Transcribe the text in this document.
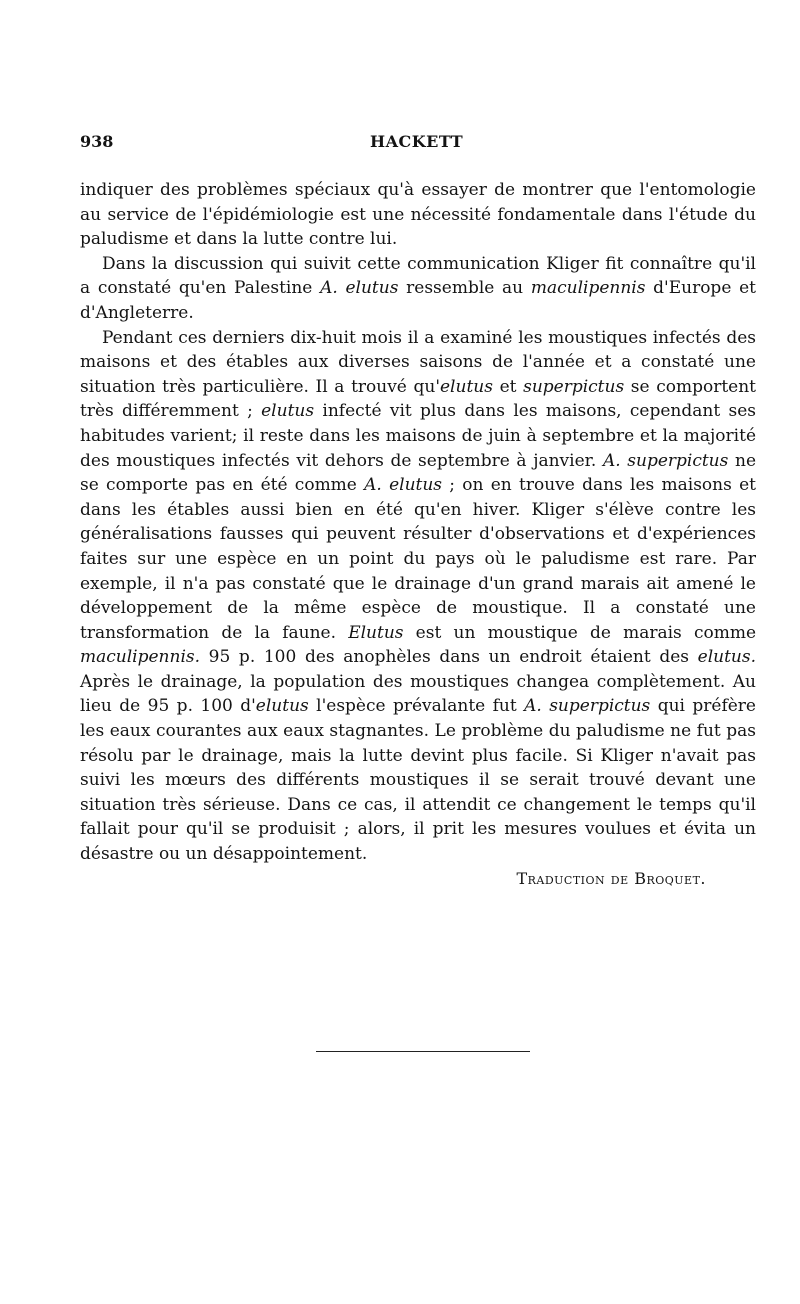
938	HACKETT

indiquer des problèmes spéciaux qu'à essayer de montrer que l'entomologie au service de l'épidémiologie est une nécessité fondamentale dans l'étude du paludisme et dans la lutte contre lui.

Dans la discussion qui suivit cette communication Kliger fit connaître qu'il a constaté qu'en Palestine A. elutus ressemble au maculipennis d'Europe et d'Angleterre.

Pendant ces derniers dix-huit mois il a examiné les moustiques infectés des maisons et des étables aux diverses saisons de l'année et a constaté une situation très particulière. Il a trouvé qu'elutus et superpictus se comportent très différemment ; elutus infecté vit plus dans les maisons, cependant ses habitudes varient; il reste dans les maisons de juin à septembre et la majorité des moustiques infectés vit dehors de septembre à janvier. A. superpictus ne se comporte pas en été comme A. elutus ; on en trouve dans les maisons et dans les étables aussi bien en été qu'en hiver. Kliger s'élève contre les généralisations fausses qui peuvent résulter d'observations et d'expériences faites sur une espèce en un point du pays où le paludisme est rare. Par exemple, il n'a pas constaté que le drainage d'un grand marais ait amené le développement de la même espèce de moustique. Il a constaté une transformation de la faune. Elutus est un moustique de marais comme maculipennis. 95 p. 100 des anophèles dans un endroit étaient des elutus. Après le drainage, la population des moustiques changea complètement. Au lieu de 95 p. 100 d'elutus l'espèce prévalante fut A. superpictus qui préfère les eaux courantes aux eaux stagnantes. Le problème du paludisme ne fut pas résolu par le drainage, mais la lutte devint plus facile. Si Kliger n'avait pas suivi les mœurs des différents moustiques il se serait trouvé devant une situation très sérieuse. Dans ce cas, il attendit ce changement le temps qu'il fallait pour qu'il se produisit ; alors, il prit les mesures voulues et évita un désastre ou un désappointement.

Traduction de Broquet.
